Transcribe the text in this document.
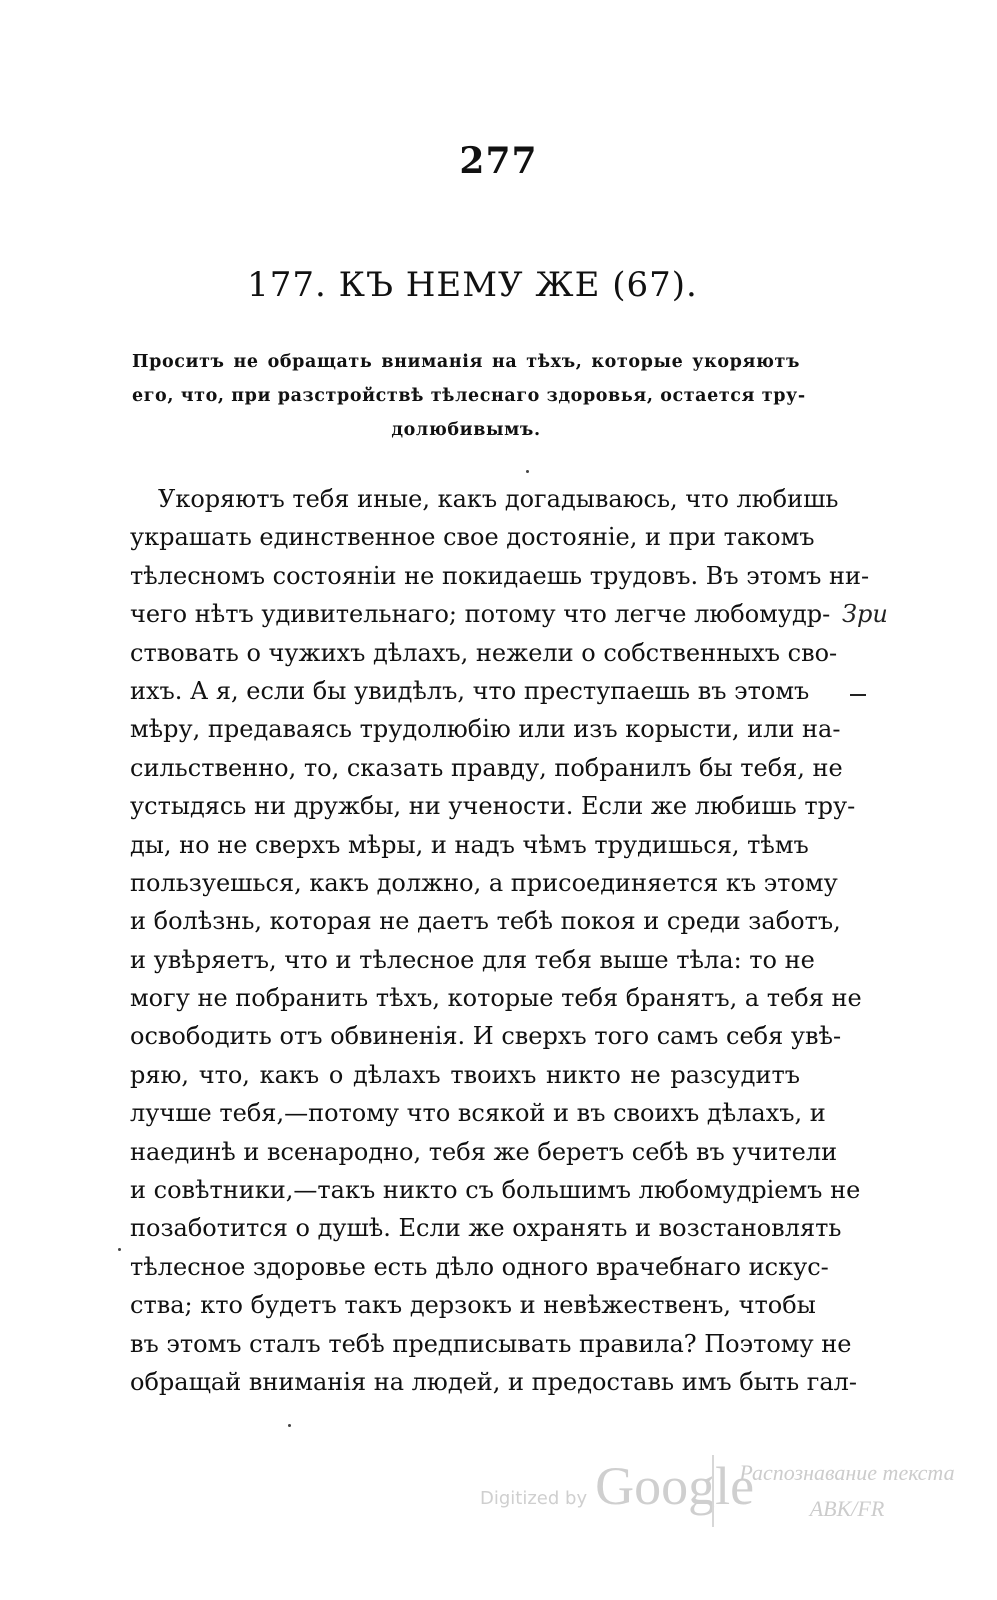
277
177. КЪ НЕМУ ЖЕ (67).
Проситъ не обращать вниманія на тѣхъ, которые укоряютъ
его, что, при разстройствѣ тѣлеснаго здоровья, остается тру-
долюбивымъ.
Укоряютъ тебя иные, какъ догадываюсь, что любишь
украшать единственное свое достояніе, и при такомъ
тѣлесномъ состояніи не покидаешь трудовъ. Въ этомъ ни-
чего нѣтъ удивительнаго; потому что легче любомудр-
ствовать о чужихъ дѣлахъ, нежели о собственныхъ сво-
ихъ. А я, если бы увидѣлъ, что преступаешь въ этомъ
мѣру, предаваясь трудолюбію или изъ корысти, или на-
сильственно, то, сказать правду, побранилъ бы тебя, не
устыдясь ни дружбы, ни учености. Если же любишь тру-
ды, но не сверхъ мѣры, и надъ чѣмъ трудишься, тѣмъ
пользуешься, какъ должно, а присоединяется къ этому
и болѣзнь, которая не даетъ тебѣ покоя и среди заботъ,
и увѣряетъ, что и тѣлесное для тебя выше тѣла: то не
могу не побранить тѣхъ, которые тебя бранятъ, а тебя не
освободить отъ обвиненія. И сверхъ того самъ себя увѣ-
ряю, что, какъ о дѣлахъ твоихъ никто не разсудитъ
лучше тебя,—потому что всякой и въ своихъ дѣлахъ, и
наединѣ и всенародно, тебя же беретъ себѣ въ учители
и совѣтники,—такъ никто съ большимъ любомудріемъ не
позаботится о душѣ. Если же охранять и возстановлять
тѣлесное здоровье есть дѣло одного врачебнаго искус-
ства; кто будетъ такъ дерзокъ и невѣжественъ, чтобы
въ этомъ сталъ тебѣ предписывать правила? Поэтому не
обращай вниманія на людей, и предоставь имъ быть гал-
Зри
Digitized by Google
Распознавание текста
ABK/FR
